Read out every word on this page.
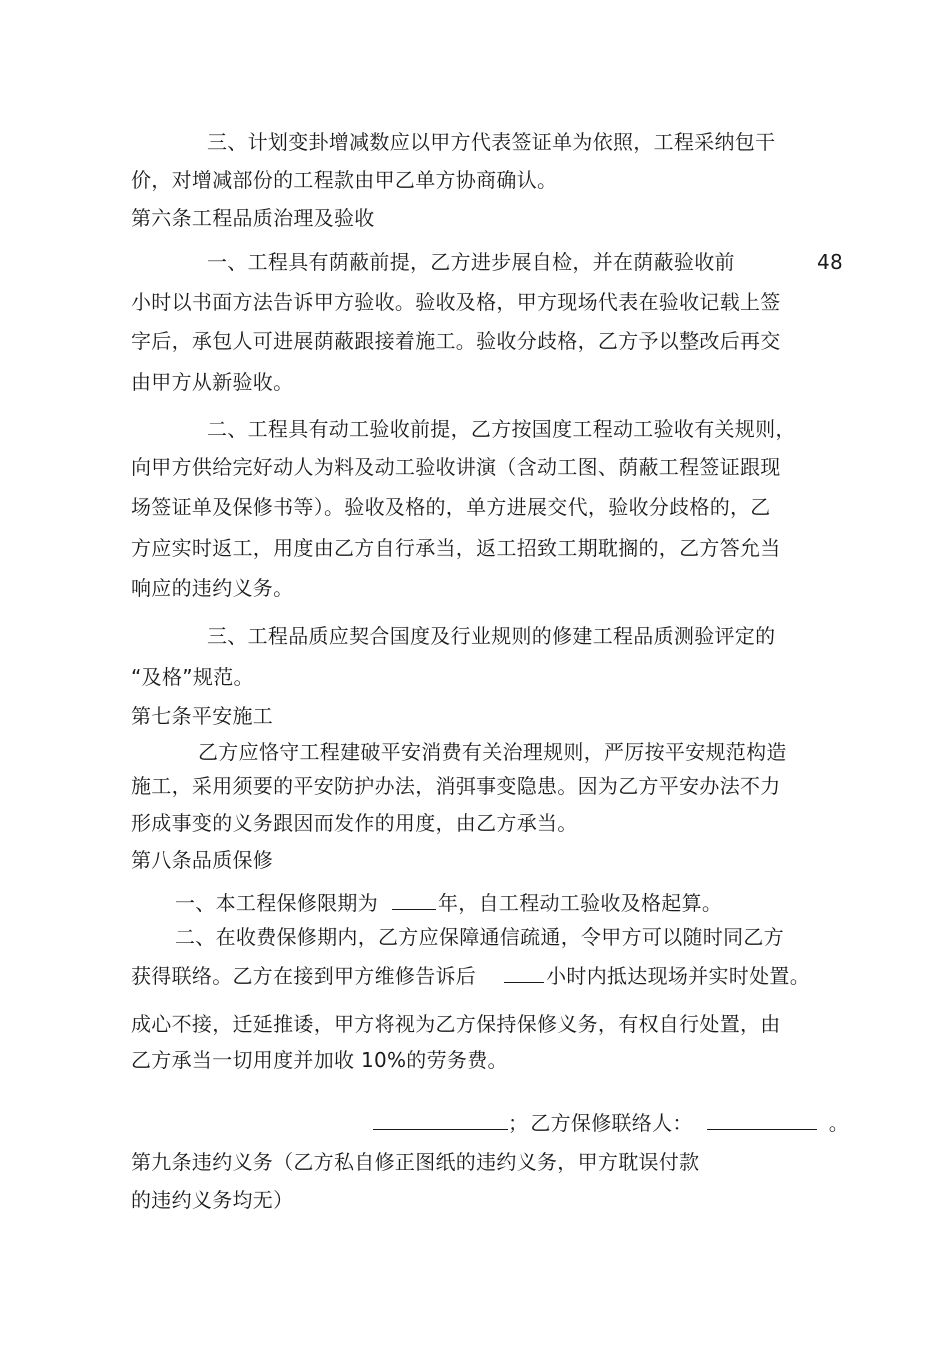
三、计划变卦增减数应以甲方代表签证单为依照，工程采纳包干
价，对增减部份的工程款由甲乙单方协商确认。
第六条工程品质治理及验收
一、工程具有荫蔽前提，乙方进步展自检，并在荫蔽验收前	48
小时以书面方法告诉甲方验收。验收及格，甲方现场代表在验收记载上签
字后，承包人可进展荫蔽跟接着施工。验收分歧格，乙方予以整改后再交
由甲方从新验收。
二、工程具有动工验收前提，乙方按国度工程动工验收有关规则，
向甲方供给完好动人为料及动工验收讲演（含动工图、荫蔽工程签证跟现
场签证单及保修书等）。验收及格的，单方进展交代，验收分歧格的，乙
方应实时返工，用度由乙方自行承当，返工招致工期耽搁的，乙方答允当
响应的违约义务。
三、工程品质应契合国度及行业规则的修建工程品质测验评定的
“及格”规范。
第七条平安施工
乙方应恪守工程建破平安消费有关治理规则，严厉按平安规范构造
施工，采用须要的平安防护办法，消弭事变隐患。因为乙方平安办法不力
形成事变的义务跟因而发作的用度，由乙方承当。
第八条品质保修
一、本工程保修限期为	年，自工程动工验收及格起算。
二、在收费保修期内，乙方应保障通信疏通，令甲方可以随时同乙方
获得联络。乙方在接到甲方维修告诉后	小时内抵达现场并实时处置。
成心不接，迁延推诿，甲方将视为乙方保持保修义务，有权自行处置，由
乙方承当一切用度并加收 10%的劳务费。
； 乙方保修联络人：	。
第九条违约义务（乙方私自修正图纸的违约义务，甲方耽误付款
的违约义务均无）
